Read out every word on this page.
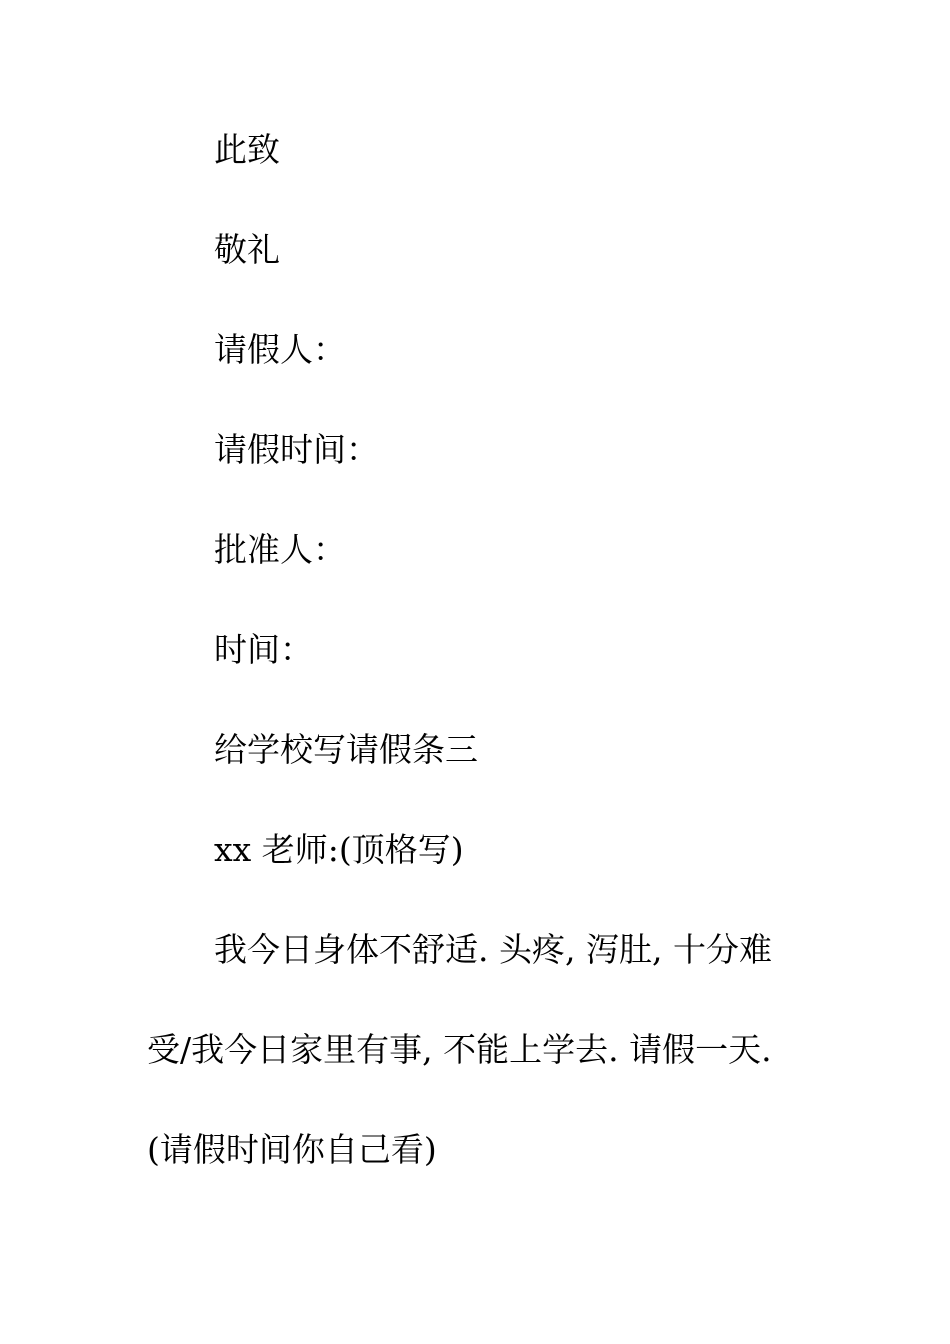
此致
敬礼
请假人：
请假时间：
批准人：
时间：
给学校写请假条三
xx 老师:(顶格写)
我今日身体不舒适. 头疼, 泻肚, 十分难
受/我今日家里有事, 不能上学去. 请假一天.
(请假时间你自己看)
